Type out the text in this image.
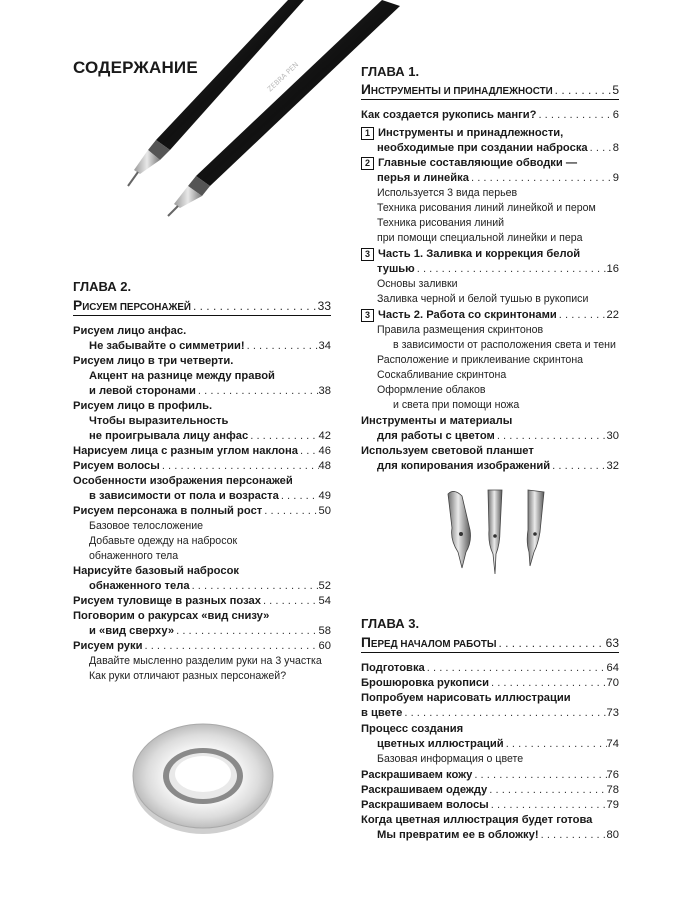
ZEBRA PEN
СОДЕРЖАНИЕ
ГЛАВА 2.
РИСУЕМ ПЕРСОНАЖЕЙ . . .	33
Рисуем лицо анфас.
Не забывайте о симметрии! . . .	34
Рисуем лицо в три четверти.
Акцент на разнице между правой
и левой сторонами . . .	38
Рисуем лицо в профиль.
Чтобы выразительность
не проигрывала лицу анфас . . .	42
Нарисуем лица с разным углом наклона . . . 46
Рисуем волосы . . .	48
Особенности изображения персонажей
в зависимости от пола и возраста . . .	49
Рисуем персонажа в полный рост . . .	50
Базовое телосложение
Добавьте одежду на набросок
обнаженного тела
Нарисуйте базовый набросок
обнаженного тела . . .	52
Рисуем туловище в разных позах . . .	54
Поговорим о ракурсах «вид снизу»
и «вид сверху» . . .	58
Рисуем руки . . .	60
Давайте мысленно разделим руки на 3 участка
Как руки отличают разных персонажей?
ГЛАВА 1.
ИНСТРУМЕНТЫ И ПРИНАДЛЕЖНОСТИ . . .	5
Как создается рукопись манги? . . .	6
1 Инструменты и принадлежности,
необходимые при создании наброска . . . 8
2 Главные составляющие обводки —
перья и линейка . . .	9
Используется 3 вида перьев
Техника рисования линий линейкой и пером
Техника рисования линий
при помощи специальной линейки и пера
3 Часть 1. Заливка и коррекция белой
тушью . . .	16
Основы заливки
Заливка черной и белой тушью в рукописи
3 Часть 2. Работа со скринтонами . . .	22
Правила размещения скринтонов
в зависимости от расположения света и тени
Расположение и приклеивание скринтона
Соскабливание скринтона
Оформление облаков
и света при помощи ножа
Инструменты и материалы
для работы с цветом . . .	30
Используем световой планшет
для копирования изображений . . .	32
ГЛАВА 3.
ПЕРЕД НАЧАЛОМ РАБОТЫ . . .	63
Подготовка . . .	64
Брошюровка рукописи . . .	70
Попробуем нарисовать иллюстрации
в цвете . . .	73
Процесс создания
цветных иллюстраций . . .	74
Базовая информация о цвете
Раскрашиваем кожу . . .	76
Раскрашиваем одежду . . .	78
Раскрашиваем волосы . . .	79
Когда цветная иллюстрация будет готова
Мы превратим ее в обложку! . . .	80
